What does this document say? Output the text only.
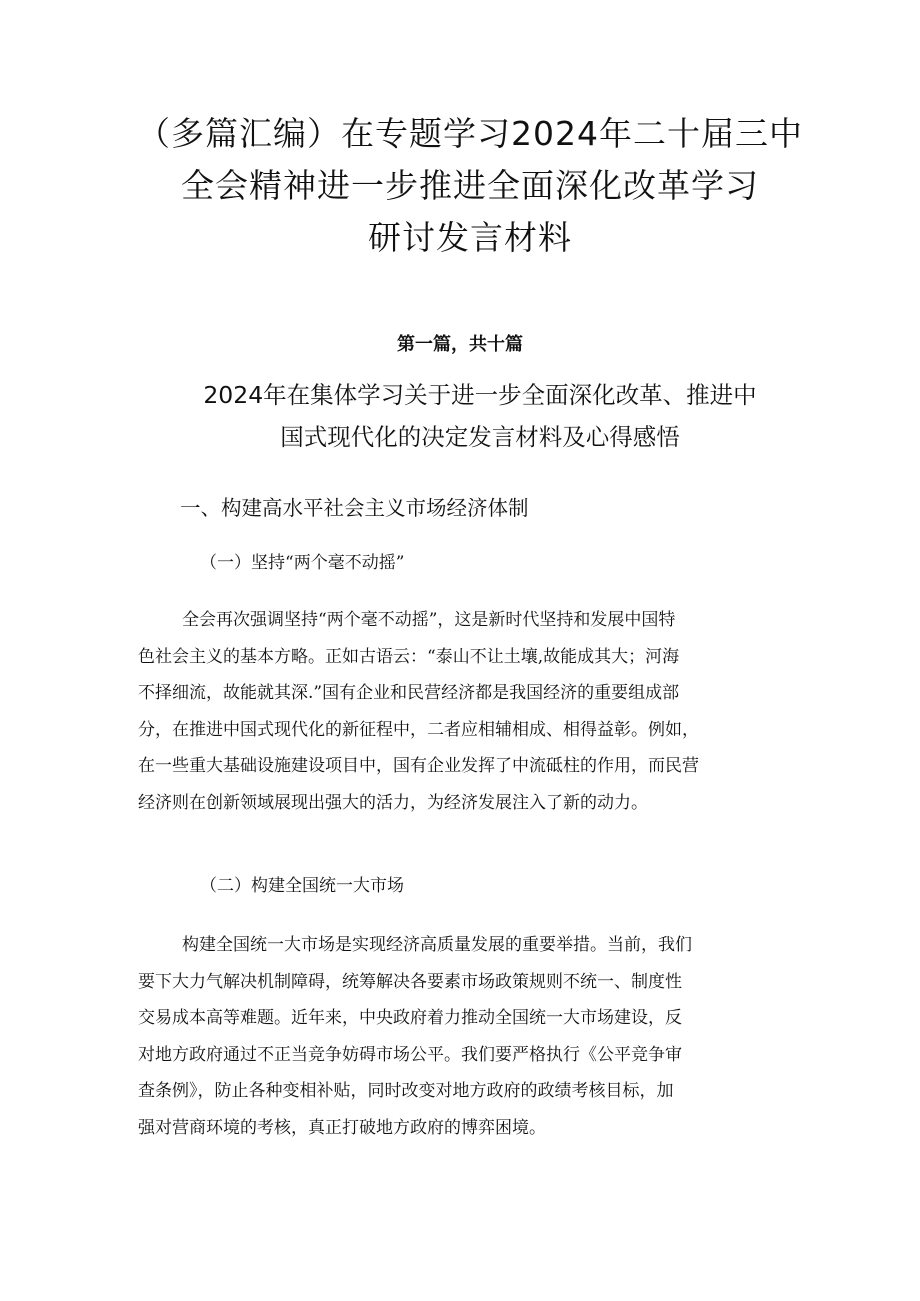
（多篇汇编）在专题学习2024年二十届三中
全会精神进一步推进全面深化改革学习
研讨发言材料
第一篇，共十篇
2024年在集体学习关于进一步全面深化改革、推进中
国式现代化的决定发言材料及心得感悟
一、构建高水平社会主义市场经济体制
（一）坚持“两个毫不动摇”

全会再次强调坚持“两个毫不动摇”，这是新时代坚持和发展中国特
色社会主义的基本方略。正如古语云：“泰山不让土壤,故能成其大；河海
不择细流，故能就其深.”国有企业和民营经济都是我国经济的重要组成部
分，在推进中国式现代化的新征程中，二者应相辅相成、相得益彰。例如，
在一些重大基础设施建设项目中，国有企业发挥了中流砥柱的作用，而民营
经济则在创新领域展现出强大的活力，为经济发展注入了新的动力。

（二）构建全国统一大市场

构建全国统一大市场是实现经济高质量发展的重要举措。当前，我们
要下大力气解决机制障碍，统筹解决各要素市场政策规则不统一、制度性
交易成本高等难题。近年来，中央政府着力推动全国统一大市场建设，反
对地方政府通过不正当竞争妨碍市场公平。我们要严格执行《公平竞争审
查条例》，防止各种变相补贴，同时改变对地方政府的政绩考核目标，加
强对营商环境的考核，真正打破地方政府的博弈困境。
